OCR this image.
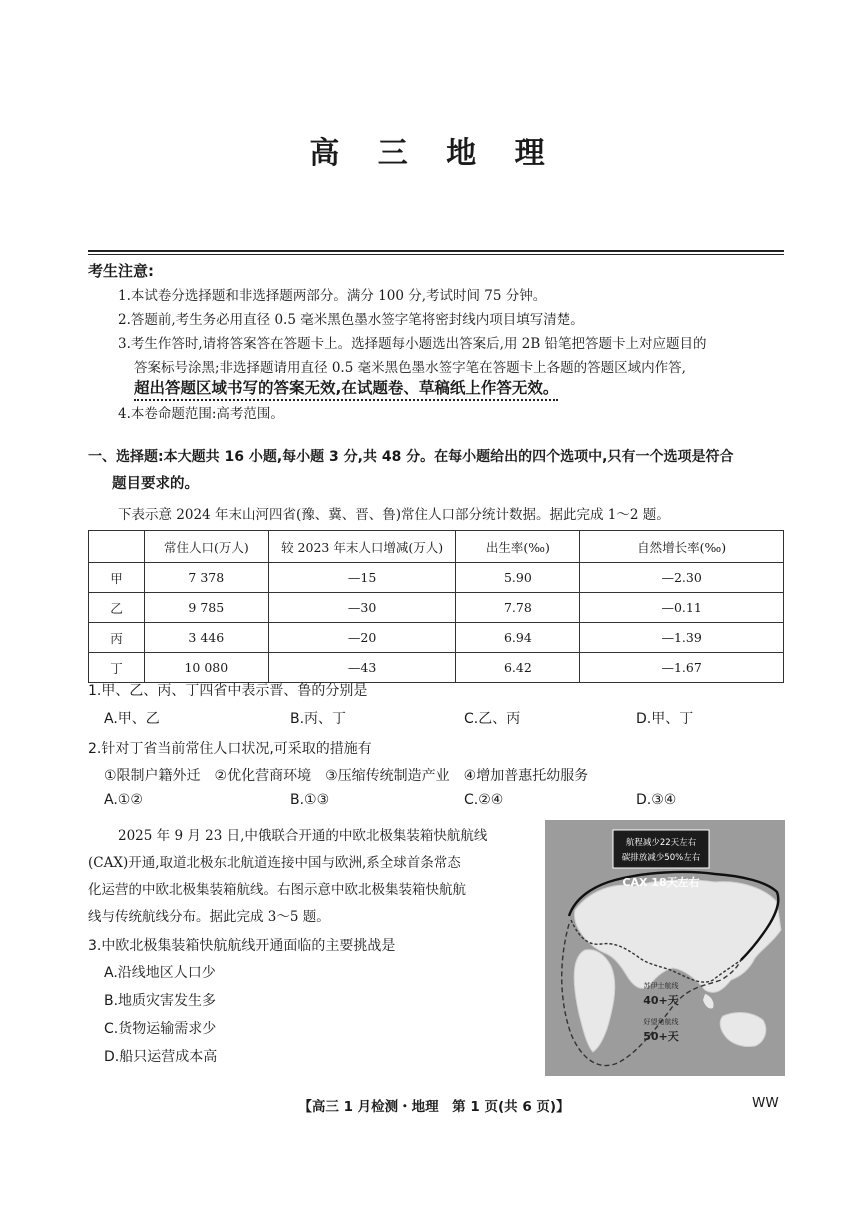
高 三 地 理
考生注意:
1.本试卷分选择题和非选择题两部分。满分 100 分,考试时间 75 分钟。
2.答题前,考生务必用直径 0.5 毫米黑色墨水签字笔将密封线内项目填写清楚。
3.考生作答时,请将答案答在答题卡上。选择题每小题选出答案后,用 2B 铅笔把答题卡上对应题目的
答案标号涂黑;非选择题请用直径 0.5 毫米黑色墨水签字笔在答题卡上各题的答题区域内作答,
超出答题区域书写的答案无效,在试题卷、草稿纸上作答无效。
4.本卷命题范围:高考范围。
一、选择题:本大题共 16 小题,每小题 3 分,共 48 分。在每小题给出的四个选项中,只有一个选项是符合
题目要求的。
下表示意 2024 年末山河四省(豫、冀、晋、鲁)常住人口部分统计数据。据此完成 1～2 题。
	常住人口(万人)	较 2023 年末人口增减(万人)	出生率(‰)	自然增长率(‰)
甲	7 378	—15	5.90	—2.30
乙	9 785	—30	7.78	—0.11
丙	3 446	—20	6.94	—1.39
丁	10 080	—43	6.42	—1.67
1.甲、乙、丙、丁四省中表示晋、鲁的分别是
A.甲、乙	B.丙、丁	C.乙、丙	D.甲、丁
2.针对丁省当前常住人口状况,可采取的措施有
①限制户籍外迁　②优化营商环境　③压缩传统制造产业　④增加普惠托幼服务
A.①②	B.①③	C.②④	D.③④
2025 年 9 月 23 日,中俄联合开通的中欧北极集装箱快航航线
(CAX)开通,取道北极东北航道连接中国与欧洲,系全球首条常态
化运营的中欧北极集装箱航线。右图示意中欧北极集装箱快航航
线与传统航线分布。据此完成 3～5 题。
3.中欧北极集装箱快航航线开通面临的主要挑战是
A.沿线地区人口少
B.地质灾害发生多
C.货物运输需求少
D.船只运营成本高
航程减少22天左右
碳排放减少50%左右
CAX 18天左右
苏伊士航线
40+天
好望角航线
50+天
【高三 1 月检测・地理　第 1 页(共 6 页)】	WW
